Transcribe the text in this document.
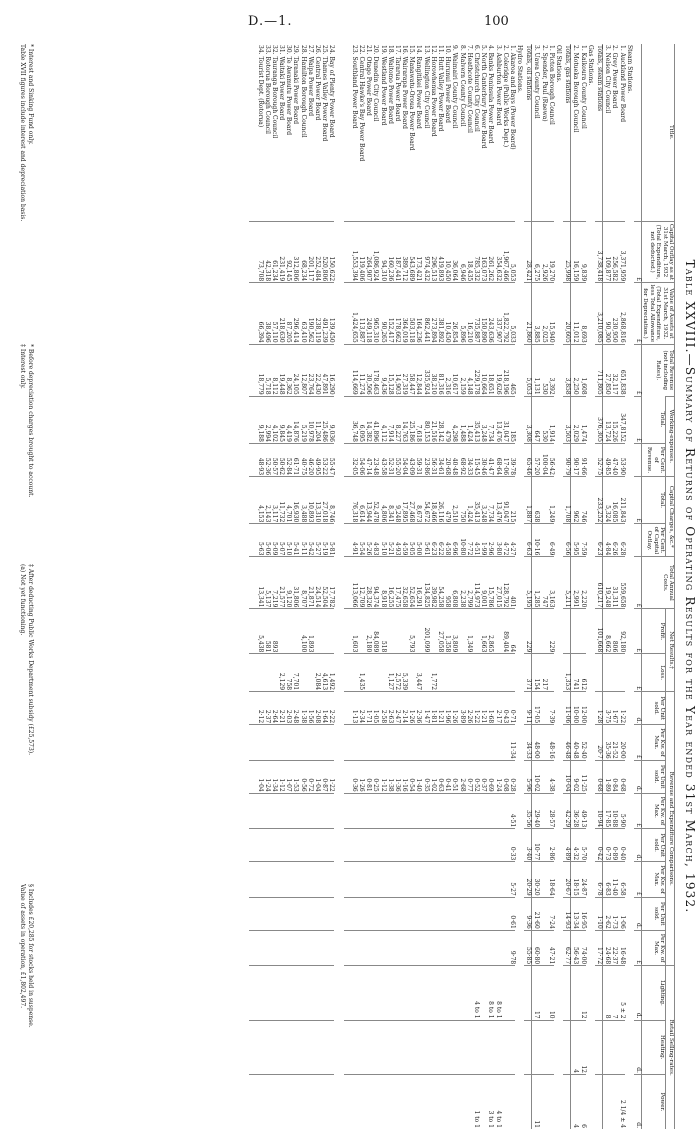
D.—1.	100
Table XXVIII.—Summary of Returns of Operating Results for the Year ended 31st March, 1932.
Title.	Capital Outlay as at 31st March, 1932 (Total Expenditure, not deducted.)	Value of Assets at 31st March, 1932. (Total Expenditure, less Total Allowance for Depreciation.)	Total Revenue (not including Rates).	Working-expenses.		Capital Charges, &c.*		Total Annual Costs.	Net Results.†		Revenue and Expenditure Comparisons.								Retail Selling-rates.		
				Total.	Per Cent. of Revenue.	Total.	Per Cent. of Capital Outlay.		Profit.	Loss.	Per Unit sold.	Per Kw. of Max.	Per Unit sold.	Per Kw. of Max.	Per Unit sold.	Per Kw. of Max.	Per Unit sold.	Per Kw. of Max.	Lighting.	Heating.	Power.
	£	£	£	£		£		£	£	£	d.	£	d.	£	d.	£	d.	£	d.	d.	d.
Steam Stations.																					
1. Auckland Power Board	3,371,959	2,868,816	651,838	347,8152	53·90	211,843	6·28	559,658	92,180		1·22	20·00	0·68	5·90	0·40	6·58	1·06	16·48	5 ± 2		2 1/4 ± 4
2. Grey Power Board	256,582	230,950	32,117	15,226	47·40	16,085	6·26	31,311	806		1·67	21·52	0·84	10·88	0·89	11·40	1·73	22·37	7		
3. Nelson City Council	109,877	90,300	27,850	13,724	49·85	5,324	4·84	19,248	8,662		3·75	35·36	1·89	17·85	0·73	6·83	2·62	24·68	8		
Totals, steam stations	3,738,418	3,210,085	711,805	376,305	52·75	233,252	6·23	610,217	101,668		1·28	20·7	0·68	10·94	0·42	6·78	1·10	17·72			
Gas Stations.																					
1. Kaikoura County Council	9,839	8,693	1,608	1,474	91·66	746	7·59	2,220		612	12·00	52·40	11·25	49·13	5·70	24·87	16·95	74·00	12	12	6
2. Motueka Borough Council	16,159	11,012	2,250	2,029	90·17	962	5·95	2,991		741	10·00	40·48	9·02	36·28	4·32	18·15	13·34	56·43		4	4
Totals, gas stations	25,998	20,605	3,858	3,503	90·79	1,708	6·56	5,211		1,353	11·06	46·48	10·04	42·29	4·89	20·67	14·93	62·77			
Oil Stations.																					
1. Picton Borough Council	19,270	15,940	3,392	1,914	56·42	1,249	6·49	3,163	229		7·39	48·16	4·38	28·57	2·86	18·64	7·24	47·21	10		
2. Spender, Paul (Raewa)	2,926	2,025	530	530	100·04			747		217											
3. Uawa County Council	6,275	3,885	1,131	647	57·20	638	10·16	1,285		154	17·05	48·00	10·02	29·40	10·77	30·20	21·60	60·80	17		11
Totals, oil stations	28,421	21,860	5,053	3,308	65·46	1,887	6·63	5,195	229	371	9·11	34·33	5·96	35·56	3·40	20·29	9·36	55·85			
Hydro Stations.																					
1. Akaroa and Bays (Power Board)	5,053	5,033	465	185	39·78	215	4·27	401	64		0·71	11·34	0·28	4·51	0·33	5·27	0·61	9·78			
2. Coleridge (Public Works Dept.)	1,967,466	1,822,792	218,196	31,047	17·06	91,047	4·72	128,792	89,404		0·43		0·08								
3. Ashburton Power Board	354,632	337,907	19,626	13,476	68·64	13,476	3·80	27,015			2·17		1·24						8 to 1		4 to 1
4. Banks Peninsula Power Board	261,262	243,636	18,651	7,734	41·47	7,734	2·96	15,786	2,865		1·68		0·69						8 to 1		3 to 1
5. North Canterbury Power Board	163,073	150,890	10,664	3,248	30·46	3,248	1·99	9,001	1,663		1·21		0·37								
6. Christchurch City Council	785,332	735,887	229,178	35,413	15·45	35,413	4·51	114,973			1·22		0·52						4 to 1		1 to 1
7. Heathcote County Council	18,435	16,210	4,148	1,424	34·33	1,424	7·72	2,799	1,349		2·26		0·77								
8. Malvern County Council	6,946	5,896	2,159	1,488	68·92	750	10·80	2,238			3·89		2·68								
9. Waimairi County Council	36,064	26,854	10,617	4,298	40·48	2,510	6·96	6,808	3,809		1·26		0·51								
10. Hurunui Power Board	10,450	10,450	2,316	479	20·68	479	4·58	958	1,358		1·96		0·41								
11. Hutt Valley Power Board	419,893	381,892	81,316	28,142	34·61	26,116	6·22	54,258	27,058		1·21		0·63								
12. Horowhenua Power Board	296,513	273,894	38,210	21,516	56·31	18,466	6·23	39,982		1,772	1·81		1·02								
13. Wellington City Council	974,432	862,441	335,924	80,153	23·86	54,672	5·61	134,825	201,099		1·47		0·35								
14. Rangitikei Power Board	173,421	164,236	12,844	7,618	59·31	8,673	5·00	16,291		3,447	2·36		1·40								
15. Manawatu-Oroua Power Board	543,689	503,118	58,447	25,186	43·09	27,468	5·05	52,654	5,793		1·26		0·54								
16. Wairarapa Power Board	389,712	364,019	27,319	14,763	54·04	17,895	4·59	32,658		5,339	2·14		1·16								
17. Tararua Power Board	187,441	178,662	14,903	8,227	55·20	9,248	4·93	17,475		2,572	2·47		1·36								
18. Waitomo Power Board	160,236	152,417	15,128	7,914	52·31	8,341	5·21	16,255		1,127	2·63		1·38								
19. Westland Power Board	94,310	90,265	9,436	4,112	43·58	4,806	5·10	8,918	518		2·58		1·12								
20. Dunedin City Council	1,086,924	965,310	178,463	41,896	23·48	52,478	4·83	94,374	84,089		1·05		0·25								
21. Otago Power Board	264,907	249,118	30,506	14,382	47·14	13,944	5·26	28,326	2,180		1·71		0·81								
22. Central Hawke's Bay Power Board	119,406	113,887	11,274	6,095	54·06	6,614	5·54	12,709		1,435	2·34		1·26								
23. Southland Power Board	1,553,394	1,424,655	114,669	36,748	32·05	76,318	4·91	113,066	1,603		1·13		0·36								

24. Bay of Plenty Power Board	150,622	139,450	16,290	9,036	55·47	8,746	5·81	17,782		1,492	2·22		1·22								
25. Thames Valley Power Board	520,806	491,239	47,891	25,486	53·22	27,018	5·19	52,504		4,613	1·64		0·87								
26. Central Power Board	252,484	238,119	22,430	11,204	49·95	13,310	5·27	24,514		2,084	2·08		1·04								
27. Waipa Power Board	201,117	190,562	23,764	10,978	46·20	10,893	5·42	21,871	1,893		1·56		0·72								
28. Hamilton Borough Council	68,234	63,410	12,807	5,219	40·75	3,488	5·11	8,707	4,100		1·38		0·56								
29. Taranaki Power Board	312,806	296,414	24,105	14,876	61·71	16,930	5·41	31,806		7,701	2·48		1·53								
30. Te Awamutu Power Board	92,145	87,205	8,362	4,419	52·84	4,701	5·10	9,120		758	2·03		1·07								
31. Waitaki Power Board	231,419	218,630	19,448	9,845	50·62	11,732	5·07	21,577		2,129	2·21		1·12								
32. Tauranga Borough Council	61,234	57,110	8,112	4,102	50·57	3,117	5·09	7,219	893		2·64		1·34								
33. Rotorua Borough Council	42,318	38,496	5,718	2,994	52·36	2,143	5·06	5,137	581		2·37		1·24								
34. Tourist Dept. (Rotorua)	73,708	66,394	18,779	9,188	48·93	4,153	5·63	13,341	5,438		2·12		1·04								

* Interest and Sinking Fund only.
Table XVII figures include interest and depreciation basis.
* Before depreciation charges brought to account.
‡ Interest only.
‡ After deducting Public Works Department subsidy (£25,573).
(a) Not yet functioning.
§ Includes £20,285 for stocks held in suspense.
Value of assets in operation, £1,802,497.
